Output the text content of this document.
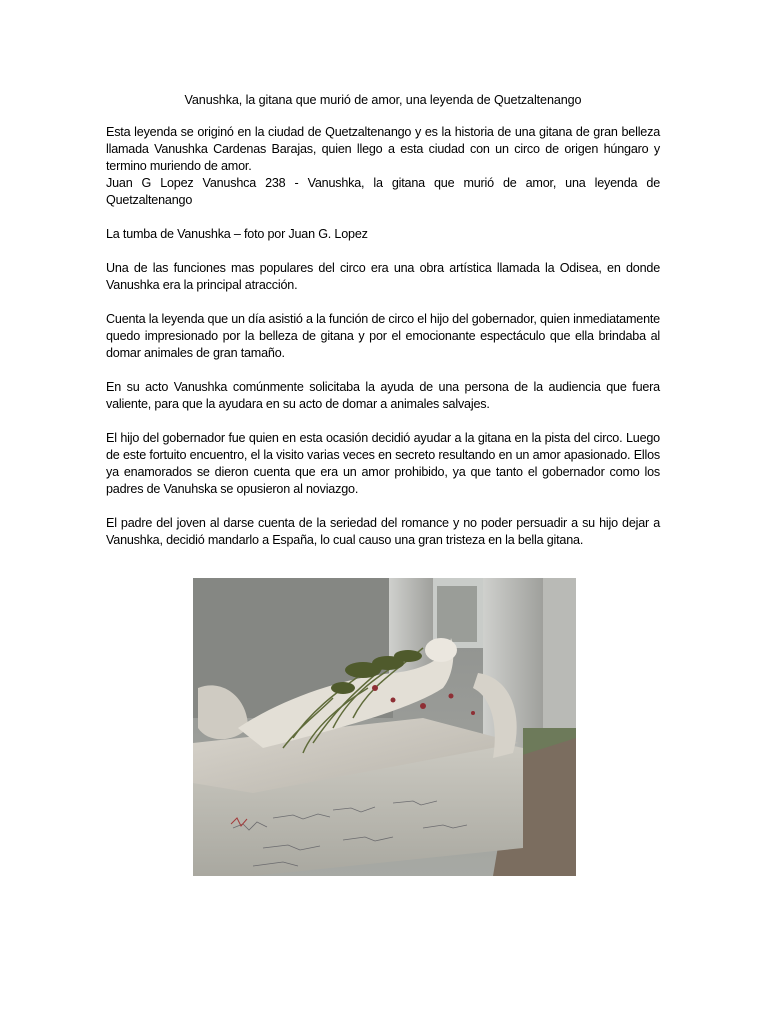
Vanushka, la gitana que murió de amor, una leyenda de Quetzaltenango

Esta leyenda se originó en la ciudad de Quetzaltenango y es la historia de una gitana de gran belleza llamada Vanushka Cardenas Barajas, quien llego a esta ciudad con un circo de origen húngaro y termino muriendo de amor.

Juan G Lopez Vanushca 238 - Vanushka, la gitana que murió de amor, una leyenda de Quetzaltenango

La tumba de Vanushka – foto por Juan G. Lopez

Una de las funciones mas populares del circo era una obra artística llamada la Odisea, en donde Vanushka era la principal atracción.

Cuenta la leyenda que un día asistió a la función de circo el hijo del gobernador, quien inmediatamente quedo impresionado por la belleza de gitana y por el emocionante espectáculo que ella brindaba al domar animales de gran tamaño.

En su acto Vanushka comúnmente solicitaba la ayuda de una persona de la audiencia que fuera valiente, para que la ayudara en su acto de domar a animales salvajes.

El hijo del gobernador fue quien en esta ocasión decidió ayudar a la gitana en la pista del circo. Luego de este fortuito encuentro, el la visito varias veces en secreto resultando en un amor apasionado. Ellos ya enamorados se dieron cuenta que era un amor prohibido, ya que tanto el gobernador como los padres de Vanuhska se opusieron al noviazgo.

El padre del joven al darse cuenta de la seriedad del romance y no poder persuadir a su hijo dejar a Vanushka, decidió mandarlo a España, lo cual causo una gran tristeza en la bella gitana.
